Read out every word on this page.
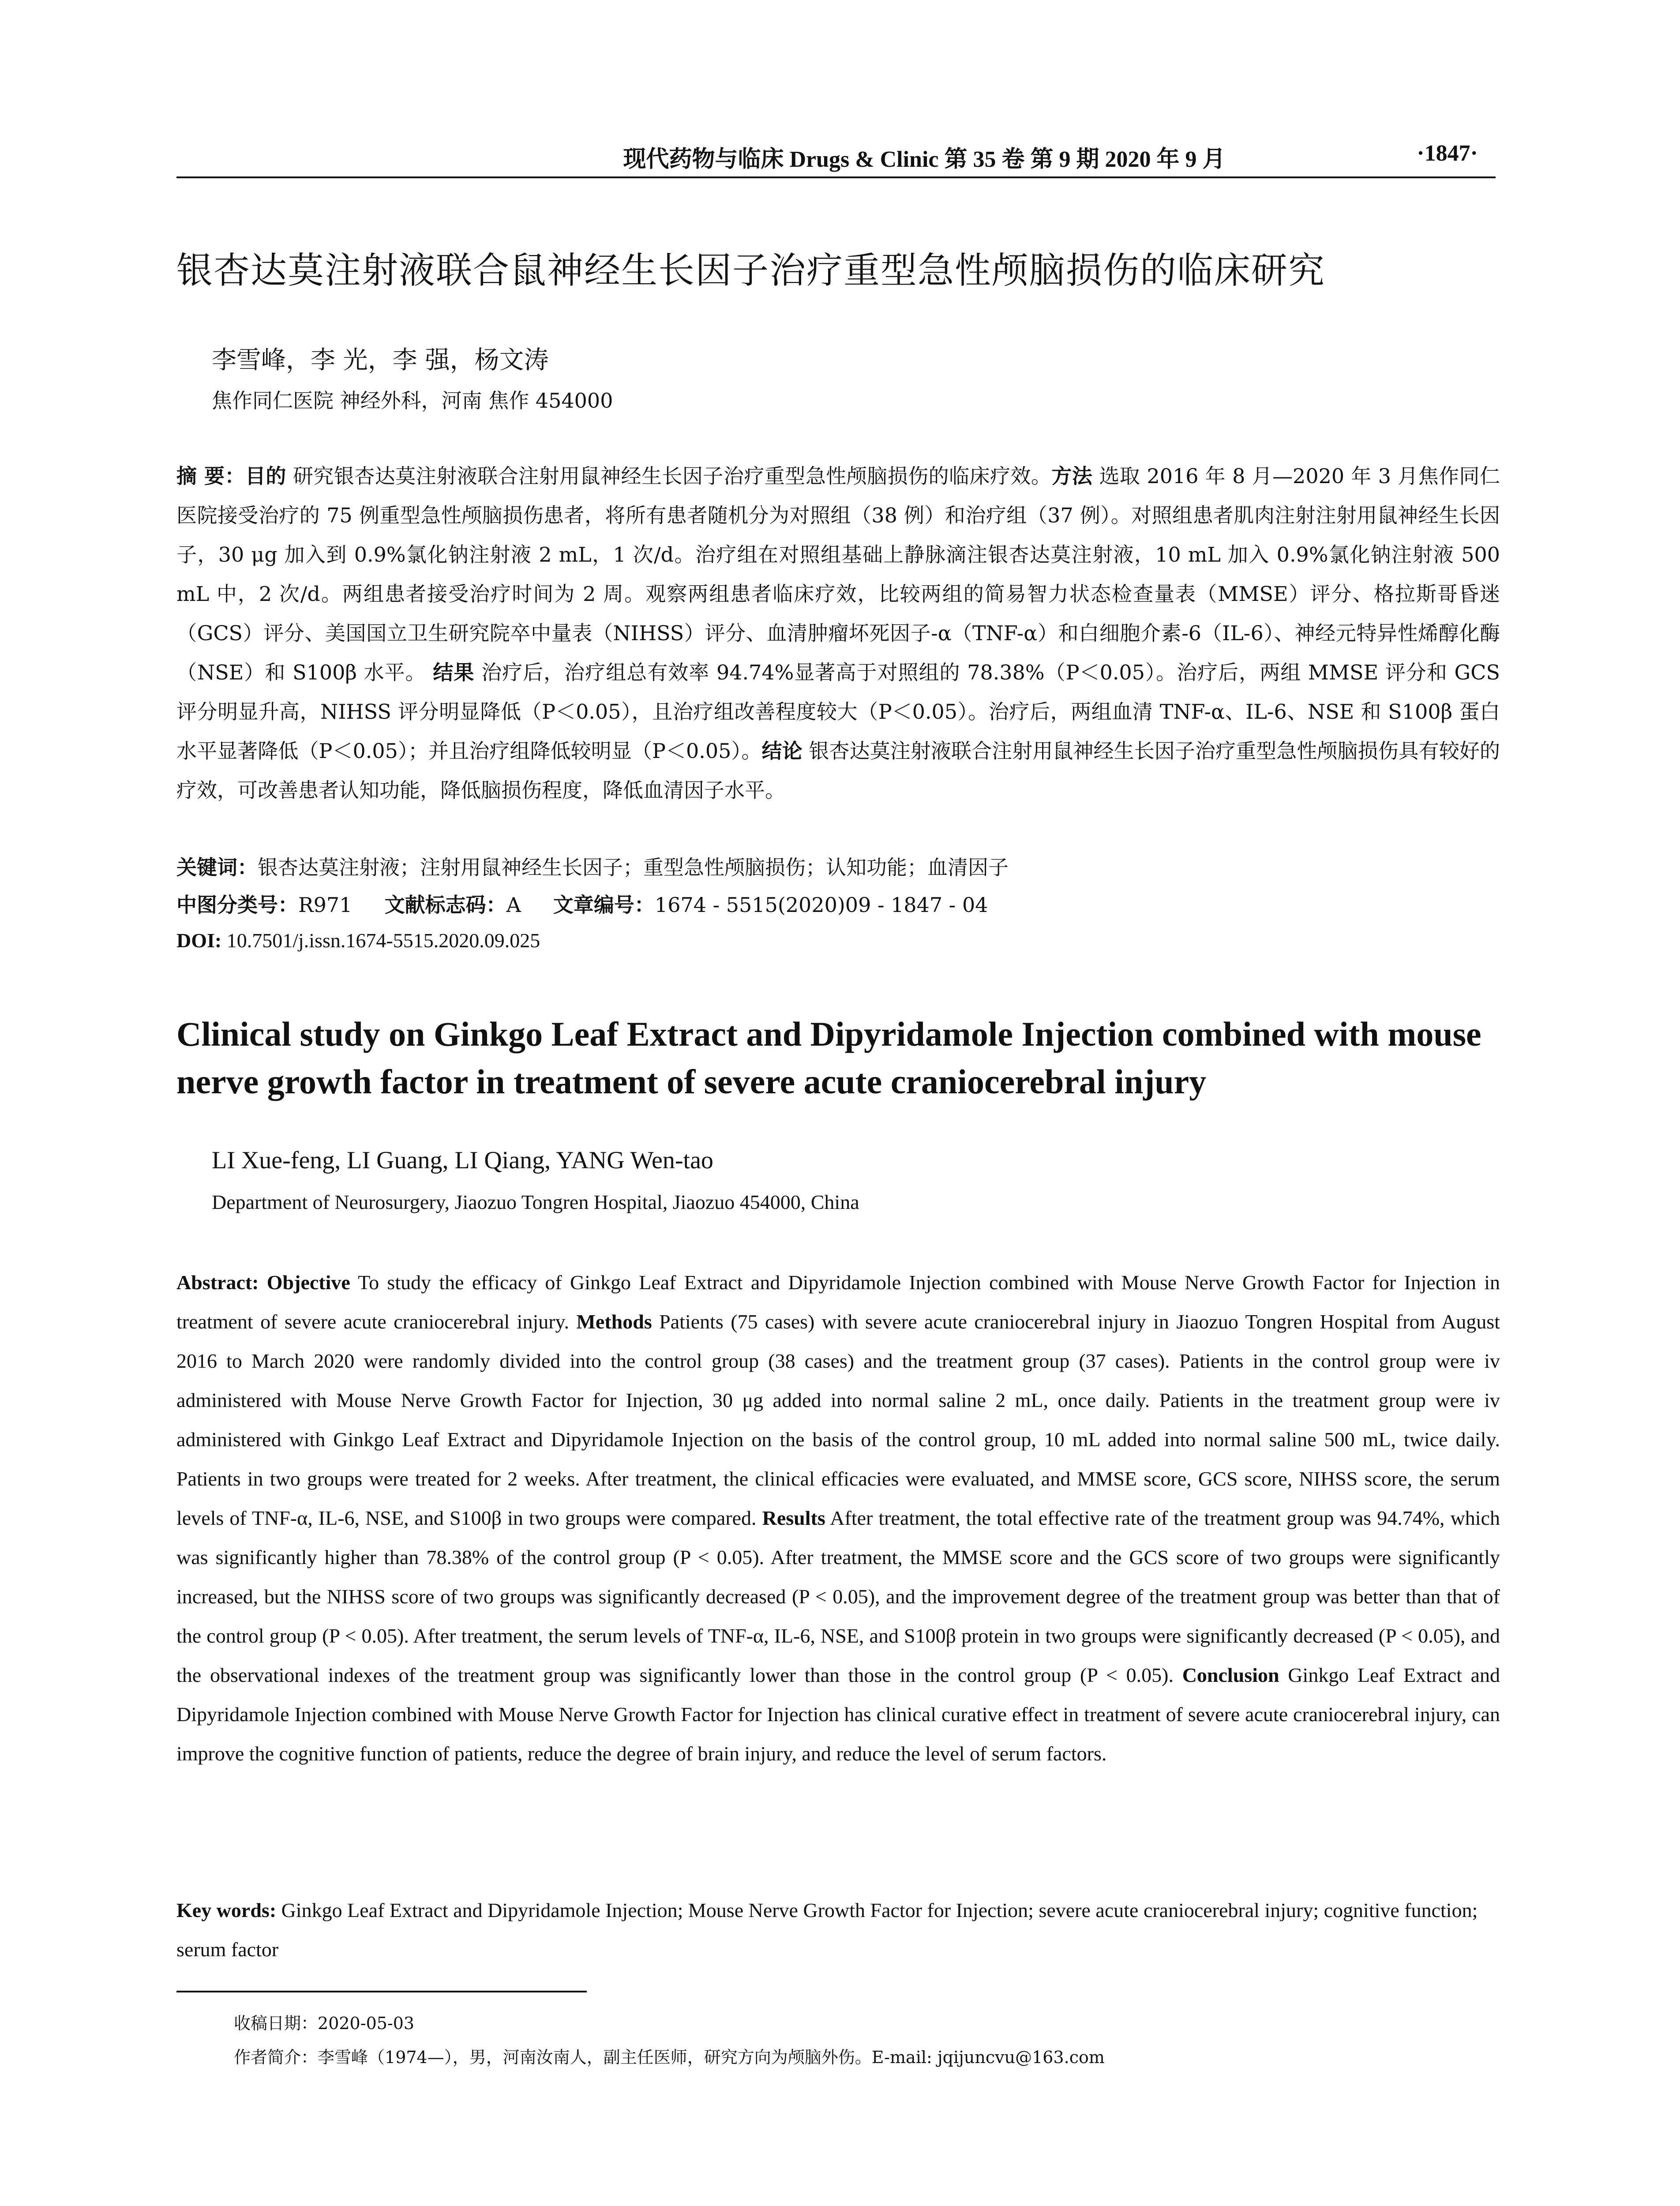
现代药物与临床 Drugs & Clinic 第 35 卷 第 9 期 2020 年 9 月	·1847·
银杏达莫注射液联合鼠神经生长因子治疗重型急性颅脑损伤的临床研究
李雪峰，李 光，李 强，杨文涛
焦作同仁医院 神经外科，河南 焦作 454000
摘 要：目的 研究银杏达莫注射液联合注射用鼠神经生长因子治疗重型急性颅脑损伤的临床疗效。方法 选取 2016 年 8 月—2020 年 3 月焦作同仁医院接受治疗的 75 例重型急性颅脑损伤患者，将所有患者随机分为对照组（38 例）和治疗组（37 例）。对照组患者肌肉注射注射用鼠神经生长因子，30 μg 加入到 0.9%氯化钠注射液 2 mL，1 次/d。治疗组在对照组基础上静脉滴注银杏达莫注射液，10 mL 加入 0.9%氯化钠注射液 500 mL 中，2 次/d。两组患者接受治疗时间为 2 周。观察两组患者临床疗效，比较两组的简易智力状态检查量表（MMSE）评分、格拉斯哥昏迷（GCS）评分、美国国立卫生研究院卒中量表（NIHSS）评分、血清肿瘤坏死因子-α（TNF-α）和白细胞介素-6（IL-6）、神经元特异性烯醇化酶（NSE）和 S100β 水平。 结果 治疗后，治疗组总有效率 94.74%显著高于对照组的 78.38%（P＜0.05）。治疗后，两组 MMSE 评分和 GCS 评分明显升高，NIHSS 评分明显降低（P＜0.05），且治疗组改善程度较大（P＜0.05）。治疗后，两组血清 TNF-α、IL-6、NSE 和 S100β 蛋白水平显著降低（P＜0.05）；并且治疗组降低较明显（P＜0.05）。结论 银杏达莫注射液联合注射用鼠神经生长因子治疗重型急性颅脑损伤具有较好的疗效，可改善患者认知功能，降低脑损伤程度，降低血清因子水平。
关键词：银杏达莫注射液；注射用鼠神经生长因子；重型急性颅脑损伤；认知功能；血清因子
中图分类号：R971 文献标志码：A 文章编号：1674 - 5515(2020)09 - 1847 - 04
DOI: 10.7501/j.issn.1674-5515.2020.09.025
Clinical study on Ginkgo Leaf Extract and Dipyridamole Injection combined with mouse nerve growth factor in treatment of severe acute craniocerebral injury
LI Xue-feng, LI Guang, LI Qiang, YANG Wen-tao
Department of Neurosurgery, Jiaozuo Tongren Hospital, Jiaozuo 454000, China
Abstract: Objective To study the efficacy of Ginkgo Leaf Extract and Dipyridamole Injection combined with Mouse Nerve Growth Factor for Injection in treatment of severe acute craniocerebral injury. Methods Patients (75 cases) with severe acute craniocerebral injury in Jiaozuo Tongren Hospital from August 2016 to March 2020 were randomly divided into the control group (38 cases) and the treatment group (37 cases). Patients in the control group were iv administered with Mouse Nerve Growth Factor for Injection, 30 μg added into normal saline 2 mL, once daily. Patients in the treatment group were iv administered with Ginkgo Leaf Extract and Dipyridamole Injection on the basis of the control group, 10 mL added into normal saline 500 mL, twice daily. Patients in two groups were treated for 2 weeks. After treatment, the clinical efficacies were evaluated, and MMSE score, GCS score, NIHSS score, the serum levels of TNF-α, IL-6, NSE, and S100β in two groups were compared. Results After treatment, the total effective rate of the treatment group was 94.74%, which was significantly higher than 78.38% of the control group (P < 0.05). After treatment, the MMSE score and the GCS score of two groups were significantly increased, but the NIHSS score of two groups was significantly decreased (P < 0.05), and the improvement degree of the treatment group was better than that of the control group (P < 0.05). After treatment, the serum levels of TNF-α, IL-6, NSE, and S100β protein in two groups were significantly decreased (P < 0.05), and the observational indexes of the treatment group was significantly lower than those in the control group (P < 0.05). Conclusion Ginkgo Leaf Extract and Dipyridamole Injection combined with Mouse Nerve Growth Factor for Injection has clinical curative effect in treatment of severe acute craniocerebral injury, can improve the cognitive function of patients, reduce the degree of brain injury, and reduce the level of serum factors.
Key words: Ginkgo Leaf Extract and Dipyridamole Injection; Mouse Nerve Growth Factor for Injection; severe acute craniocerebral injury; cognitive function; serum factor
收稿日期：2020-05-03
作者简介：李雪峰（1974—），男，河南汝南人，副主任医师，研究方向为颅脑外伤。E-mail: jqijuncvu@163.com
